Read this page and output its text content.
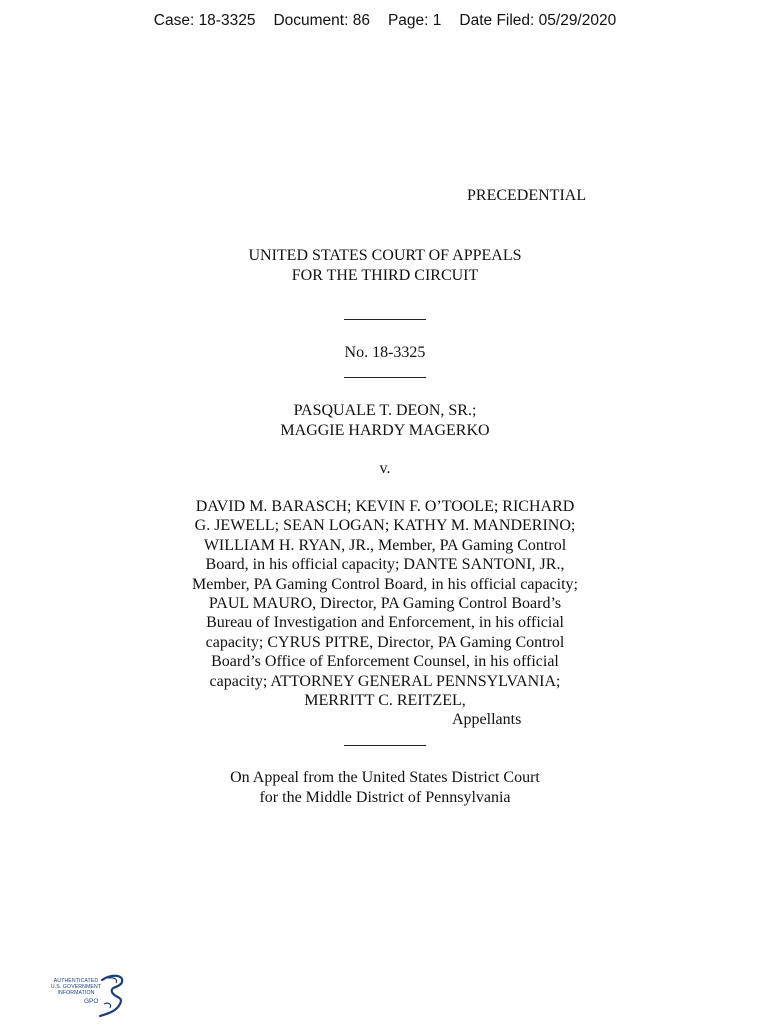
Case: 18-3325 Document: 86 Page: 1 Date Filed: 05/29/2020
PRECEDENTIAL
UNITED STATES COURT OF APPEALS
FOR THE THIRD CIRCUIT
No. 18-3325
PASQUALE T. DEON, SR.;
MAGGIE HARDY MAGERKO
v.
DAVID M. BARASCH; KEVIN F. O’TOOLE; RICHARD
G. JEWELL; SEAN LOGAN; KATHY M. MANDERINO;
WILLIAM H. RYAN, JR., Member, PA Gaming Control
Board, in his official capacity; DANTE SANTONI, JR.,
Member, PA Gaming Control Board, in his official capacity;
PAUL MAURO, Director, PA Gaming Control Board’s
Bureau of Investigation and Enforcement, in his official
capacity; CYRUS PITRE, Director, PA Gaming Control
Board’s Office of Enforcement Counsel, in his official
capacity; ATTORNEY GENERAL PENNSYLVANIA;
MERRITT C. REITZEL,
Appellants
On Appeal from the United States District Court
for the Middle District of Pennsylvania
AUTHENTICATED
U.S. GOVERNMENT
INFORMATION
GPO
